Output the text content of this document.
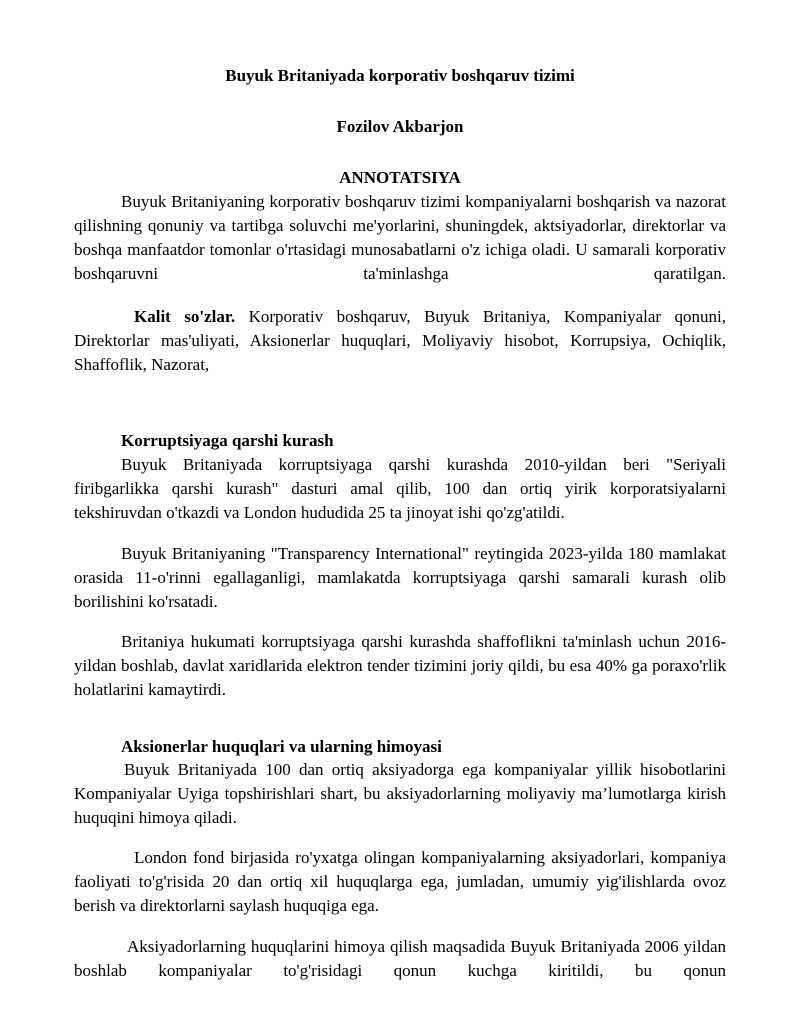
Buyuk Britaniyada korporativ boshqaruv tizimi
Fozilov Akbarjon
ANNOTATSIYA
Buyuk Britaniyaning korporativ boshqaruv tizimi kompaniyalarni boshqarish va nazorat qilishning qonuniy va tartibga soluvchi me'yorlarini, shuningdek, aktsiyadorlar, direktorlar va boshqa manfaatdor tomonlar o'rtasidagi munosabatlarni o'z ichiga oladi. U samarali korporativ boshqaruvni ta'minlashga qaratilgan.
Kalit so'zlar. Korporativ boshqaruv, Buyuk Britaniya, Kompaniyalar qonuni, Direktorlar mas'uliyati, Aksionerlar huquqlari, Moliyaviy hisobot, Korrupsiya, Ochiqlik, Shaffoflik, Nazorat,
Korruptsiyaga qarshi kurash
Buyuk Britaniyada korruptsiyaga qarshi kurashda 2010-yildan beri "Seriyali firibgarlikka qarshi kurash" dasturi amal qilib, 100 dan ortiq yirik korporatsiyalarni tekshiruvdan o'tkazdi va London hududida 25 ta jinoyat ishi qo'zg'atildi.
Buyuk Britaniyaning "Transparency International" reytingida 2023-yilda 180 mamlakat orasida 11-o'rinni egallaganligi, mamlakatda korruptsiyaga qarshi samarali kurash olib borilishini ko'rsatadi.
Britaniya hukumati korruptsiyaga qarshi kurashda shaffoflikni ta'minlash uchun 2016-yildan boshlab, davlat xaridlarida elektron tender tizimini joriy qildi, bu esa 40% ga poraxo'rlik holatlarini kamaytirdi.
Aksionerlar huquqlari va ularning himoyasi
Buyuk Britaniyada 100 dan ortiq aksiyadorga ega kompaniyalar yillik hisobotlarini Kompaniyalar Uyiga topshirishlari shart, bu aksiyadorlarning moliyaviy ma’lumotlarga kirish huquqini himoya qiladi.
London fond birjasida ro'yxatga olingan kompaniyalarning aksiyadorlari, kompaniya faoliyati to'g'risida 20 dan ortiq xil huquqlarga ega, jumladan, umumiy yig'ilishlarda ovoz berish va direktorlarni saylash huquqiga ega.
Aksiyadorlarning huquqlarini himoya qilish maqsadida Buyuk Britaniyada 2006 yildan boshlab kompaniyalar to'g'risidagi qonun kuchga kiritildi, bu qonun
